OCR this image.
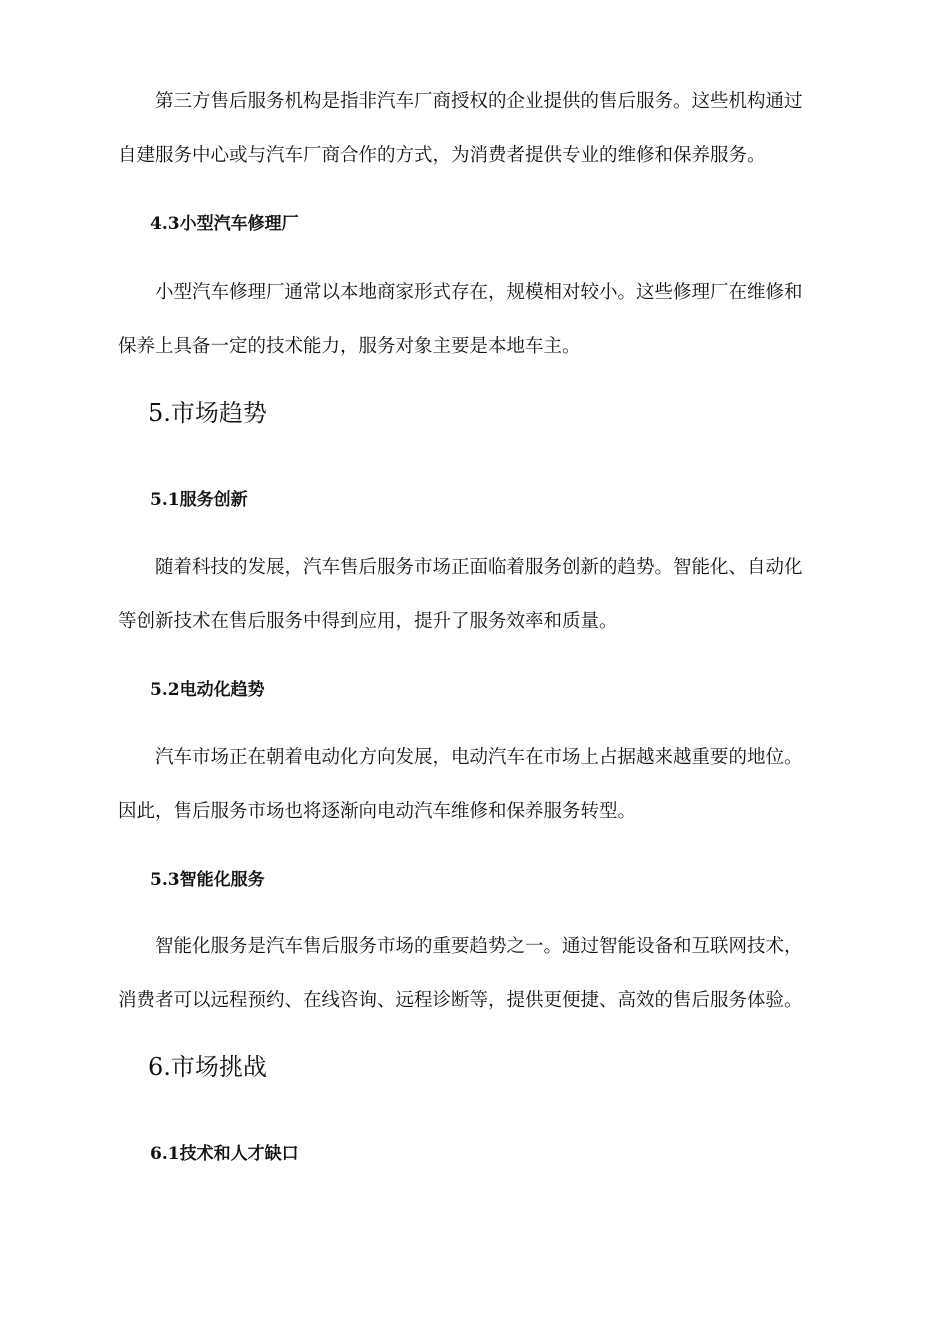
第三方售后服务机构是指非汽车厂商授权的企业提供的售后服务。这些机构通过
自建服务中心或与汽车厂商合作的方式，为消费者提供专业的维修和保养服务。

4.3小型汽车修理厂

小型汽车修理厂通常以本地商家形式存在，规模相对较小。这些修理厂在维修和
保养上具备一定的技术能力，服务对象主要是本地车主。

5.市场趋势
5.1服务创新

随着科技的发展，汽车售后服务市场正面临着服务创新的趋势。智能化、自动化
等创新技术在售后服务中得到应用，提升了服务效率和质量。

5.2电动化趋势

汽车市场正在朝着电动化方向发展，电动汽车在市场上占据越来越重要的地位。
因此，售后服务市场也将逐渐向电动汽车维修和保养服务转型。

5.3智能化服务

智能化服务是汽车售后服务市场的重要趋势之一。通过智能设备和互联网技术，
消费者可以远程预约、在线咨询、远程诊断等，提供更便捷、高效的售后服务体验。

6.市场挑战
6.1技术和人才缺口
